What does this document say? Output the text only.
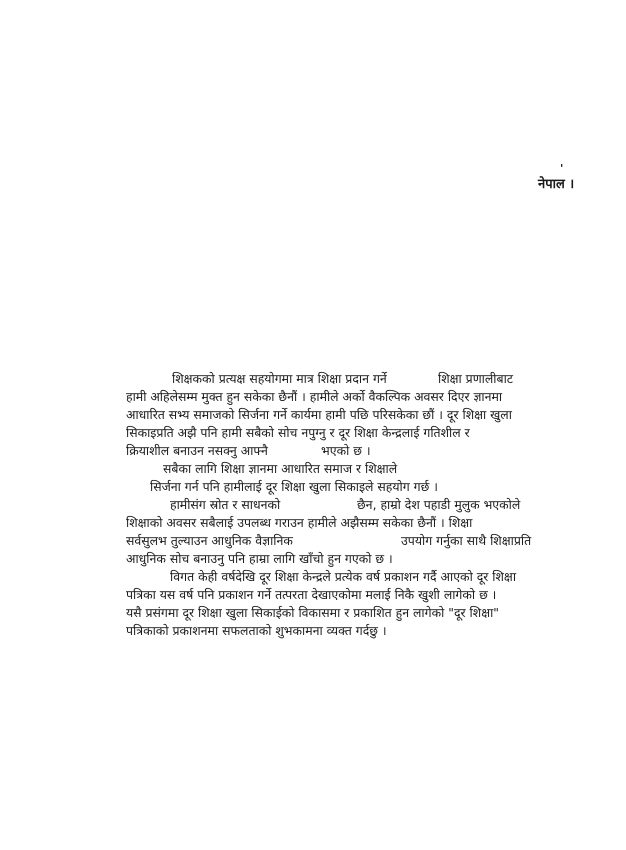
'
नेपाल ।
शिक्षकको प्रत्यक्ष सहयोगमा मात्र शिक्षा प्रदान गर्ने	शिक्षा प्रणालीबाट
हामी अहिलेसम्म मुक्त हुन सकेका छैनौं । हामीले अर्को वैकल्पिक अवसर दिएर ज्ञानमा
आधारित सभ्य समाजको सिर्जना गर्ने कार्यमा हामी पछि परिसकेका छौं । दूर शिक्षा खुला
सिकाइप्रति अझै पनि हामी सबैको सोच नपुग्नु र दूर शिक्षा केन्द्रलाई गतिशील र
क्रियाशील बनाउन नसक्नु आफ्नै	भएको छ ।
सबैका लागि शिक्षा ज्ञानमा आधारित समाज र शिक्षाले
सिर्जना गर्न पनि हामीलाई दूर शिक्षा खुला सिकाइले सहयोग गर्छ ।
हामीसंग स्रोत र साधनको	छैन, हाम्रो देश पहाडी मुलुक भएकोले
शिक्षाको अवसर सबैलाई उपलब्ध गराउन हामीले अझैसम्म सकेका छैनौं । शिक्षा
सर्वसुलभ तुल्याउन आधुनिक वैज्ञानिक	उपयोग गर्नुका साथै शिक्षाप्रति
आधुनिक सोच बनाउनु पनि हाम्रा लागि खाँचो हुन गएको छ ।
विगत केही वर्षदेखि दूर शिक्षा केन्द्रले प्रत्येक वर्ष प्रकाशन गर्दै आएको दूर शिक्षा
पत्रिका यस वर्ष पनि प्रकाशन गर्ने तत्परता देखाएकोमा मलाई निकै खुशी लागेको छ ।
यसै प्रसंगमा दूर शिक्षा खुला सिकाईको विकासमा र प्रकाशित हुन लागेको "दूर शिक्षा"
पत्रिकाको प्रकाशनमा सफलताको शुभकामना व्यक्त गर्दछु ।
